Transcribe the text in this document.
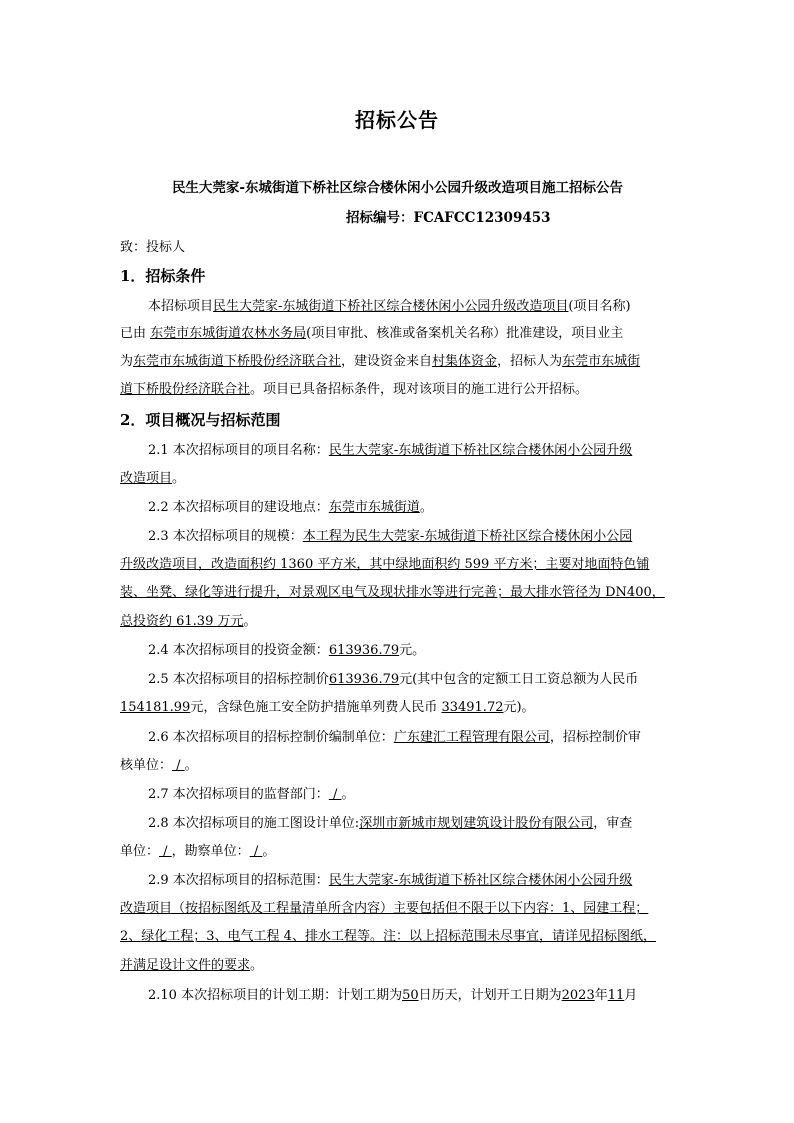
招标公告
民生大莞家-东城街道下桥社区综合楼休闲小公园升级改造项目施工招标公告
招标编号：FCAFCC12309453
致：投标人
1．招标条件
本招标项目民生大莞家-东城街道下桥社区综合楼休闲小公园升级改造项目(项目名称)
已由 东莞市东城街道农林水务局(项目审批、核准或备案机关名称）批准建设，项目业主
为东莞市东城街道下桥股份经济联合社，建设资金来自村集体资金，招标人为东莞市东城街
道下桥股份经济联合社。项目已具备招标条件，现对该项目的施工进行公开招标。
2．项目概况与招标范围
2.1 本次招标项目的项目名称：民生大莞家-东城街道下桥社区综合楼休闲小公园升级
改造项目。
2.2 本次招标项目的建设地点：东莞市东城街道。
2.3 本次招标项目的规模：本工程为民生大莞家-东城街道下桥社区综合楼休闲小公园
升级改造项目，改造面积约 1360 平方米，其中绿地面积约 599 平方米；主要对地面特色铺
装、坐凳、绿化等进行提升，对景观区电气及现状排水等进行完善；最大排水管径为 DN400，
总投资约 61.39 万元。
2.4 本次招标项目的投资金额：613936.79元。
2.5 本次招标项目的招标控制价613936.79元(其中包含的定额工日工资总额为人民币
154181.99元，含绿色施工安全防护措施单列费人民币 33491.72元)。
2.6 本次招标项目的招标控制价编制单位：广东建汇工程管理有限公司，招标控制价审
核单位： / 。
2.7 本次招标项目的监督部门： / 。
2.8 本次招标项目的施工图设计单位:深圳市新城市规划建筑设计股份有限公司，审查
单位： / ，勘察单位： / 。
2.9 本次招标项目的招标范围：民生大莞家-东城街道下桥社区综合楼休闲小公园升级
改造项目（按招标图纸及工程量清单所含内容）主要包括但不限于以下内容：1、园建工程；
2、绿化工程；3、电气工程 4、排水工程等。注：以上招标范围未尽事宜，请详见招标图纸，
并满足设计文件的要求。
2.10 本次招标项目的计划工期：计划工期为50日历天，计划开工日期为2023年11月
